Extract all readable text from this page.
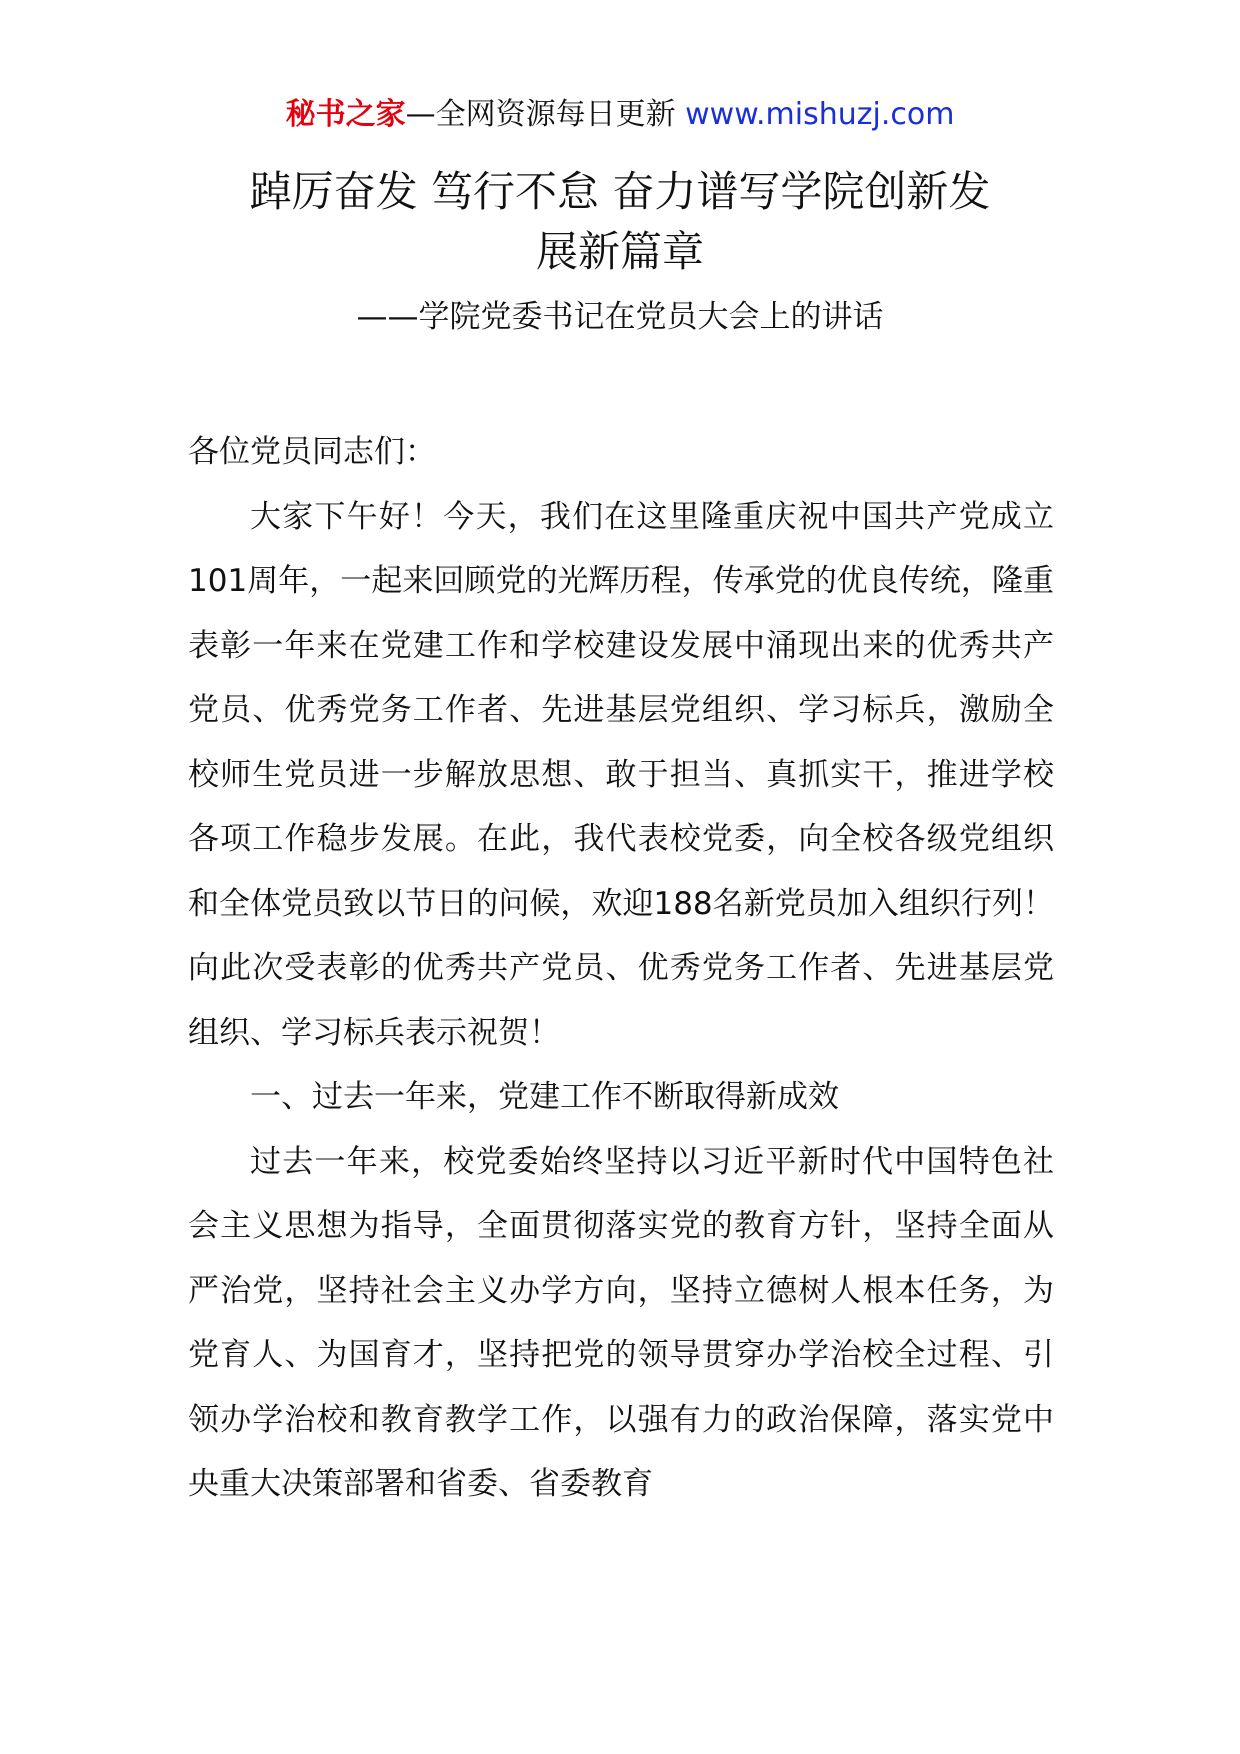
秘书之家—全网资源每日更新 www.mishuzj.com
踔厉奋发 笃行不怠 奋力谱写学院创新发
展新篇章
——学院党委书记在党员大会上的讲话

各位党员同志们：

大家下午好！今天，我们在这里隆重庆祝中国共产党成立101周年，一起来回顾党的光辉历程，传承党的优良传统，隆重表彰一年来在党建工作和学校建设发展中涌现出来的优秀共产党员、优秀党务工作者、先进基层党组织、学习标兵，激励全校师生党员进一步解放思想、敢于担当、真抓实干，推进学校各项工作稳步发展。在此，我代表校党委，向全校各级党组织和全体党员致以节日的问候，欢迎188名新党员加入组织行列！向此次受表彰的优秀共产党员、优秀党务工作者、先进基层党组织、学习标兵表示祝贺！

一、过去一年来，党建工作不断取得新成效

过去一年来，校党委始终坚持以习近平新时代中国特色社会主义思想为指导，全面贯彻落实党的教育方针，坚持全面从严治党，坚持社会主义办学方向，坚持立德树人根本任务，为党育人、为国育才，坚持把党的领导贯穿办学治校全过程、引领办学治校和教育教学工作，以强有力的政治保障，落实党中央重大决策部署和省委、省委教育
